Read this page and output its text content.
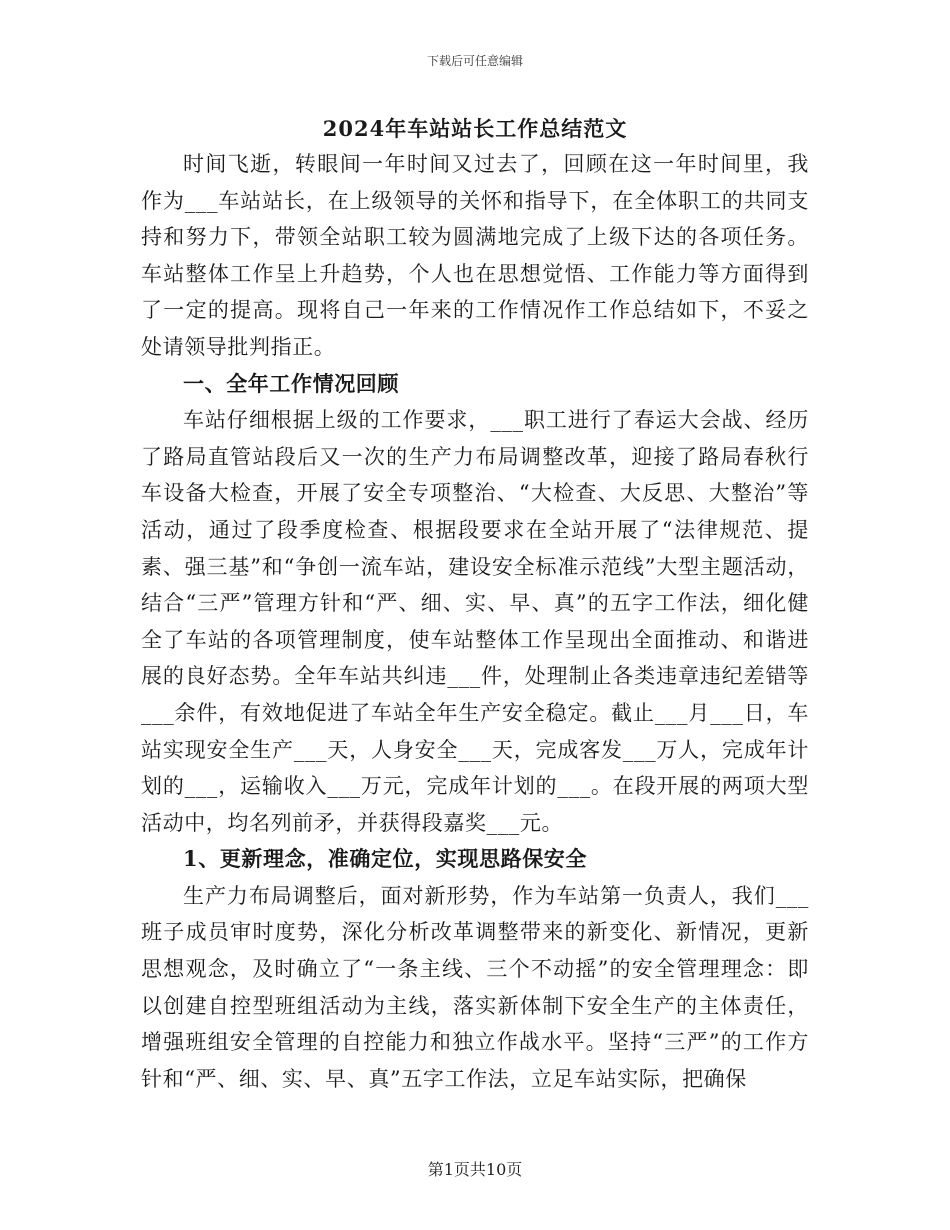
下载后可任意编辑
2024年车站站长工作总结范文

时间飞逝，转眼间一年时间又过去了，回顾在这一年时间里，我作为___车站站长，在上级领导的关怀和指导下，在全体职工的共同支持和努力下，带领全站职工较为圆满地完成了上级下达的各项任务。车站整体工作呈上升趋势，个人也在思想觉悟、工作能力等方面得到了一定的提高。现将自己一年来的工作情况作工作总结如下，不妥之处请领导批判指正。

一、全年工作情况回顾

车站仔细根据上级的工作要求，___职工进行了春运大会战、经历了路局直管站段后又一次的生产力布局调整改革，迎接了路局春秋行车设备大检查，开展了安全专项整治、“大检查、大反思、大整治”等活动，通过了段季度检查、根据段要求在全站开展了“法律规范、提素、强三基”和“争创一流车站，建设安全标准示范线”大型主题活动，结合“三严”管理方针和“严、细、实、早、真”的五字工作法，细化健全了车站的各项管理制度，使车站整体工作呈现出全面推动、和谐进展的良好态势。全年车站共纠违___件，处理制止各类违章违纪差错等___余件，有效地促进了车站全年生产安全稳定。截止___月___日，车站实现安全生产___天，人身安全___天，完成客发___万人，完成年计划的___，运输收入___万元，完成年计划的___。在段开展的两项大型活动中，均名列前矛，并获得段嘉奖___元。

1、更新理念，准确定位，实现思路保安全

生产力布局调整后，面对新形势，作为车站第一负责人，我们___班子成员审时度势，深化分析改革调整带来的新变化、新情况，更新思想观念，及时确立了“一条主线、三个不动摇”的安全管理理念：即以创建自控型班组活动为主线，落实新体制下安全生产的主体责任，增强班组安全管理的自控能力和独立作战水平。坚持“三严”的工作方针和“严、细、实、早、真”五字工作法，立足车站实际，把确保

第1页共10页
